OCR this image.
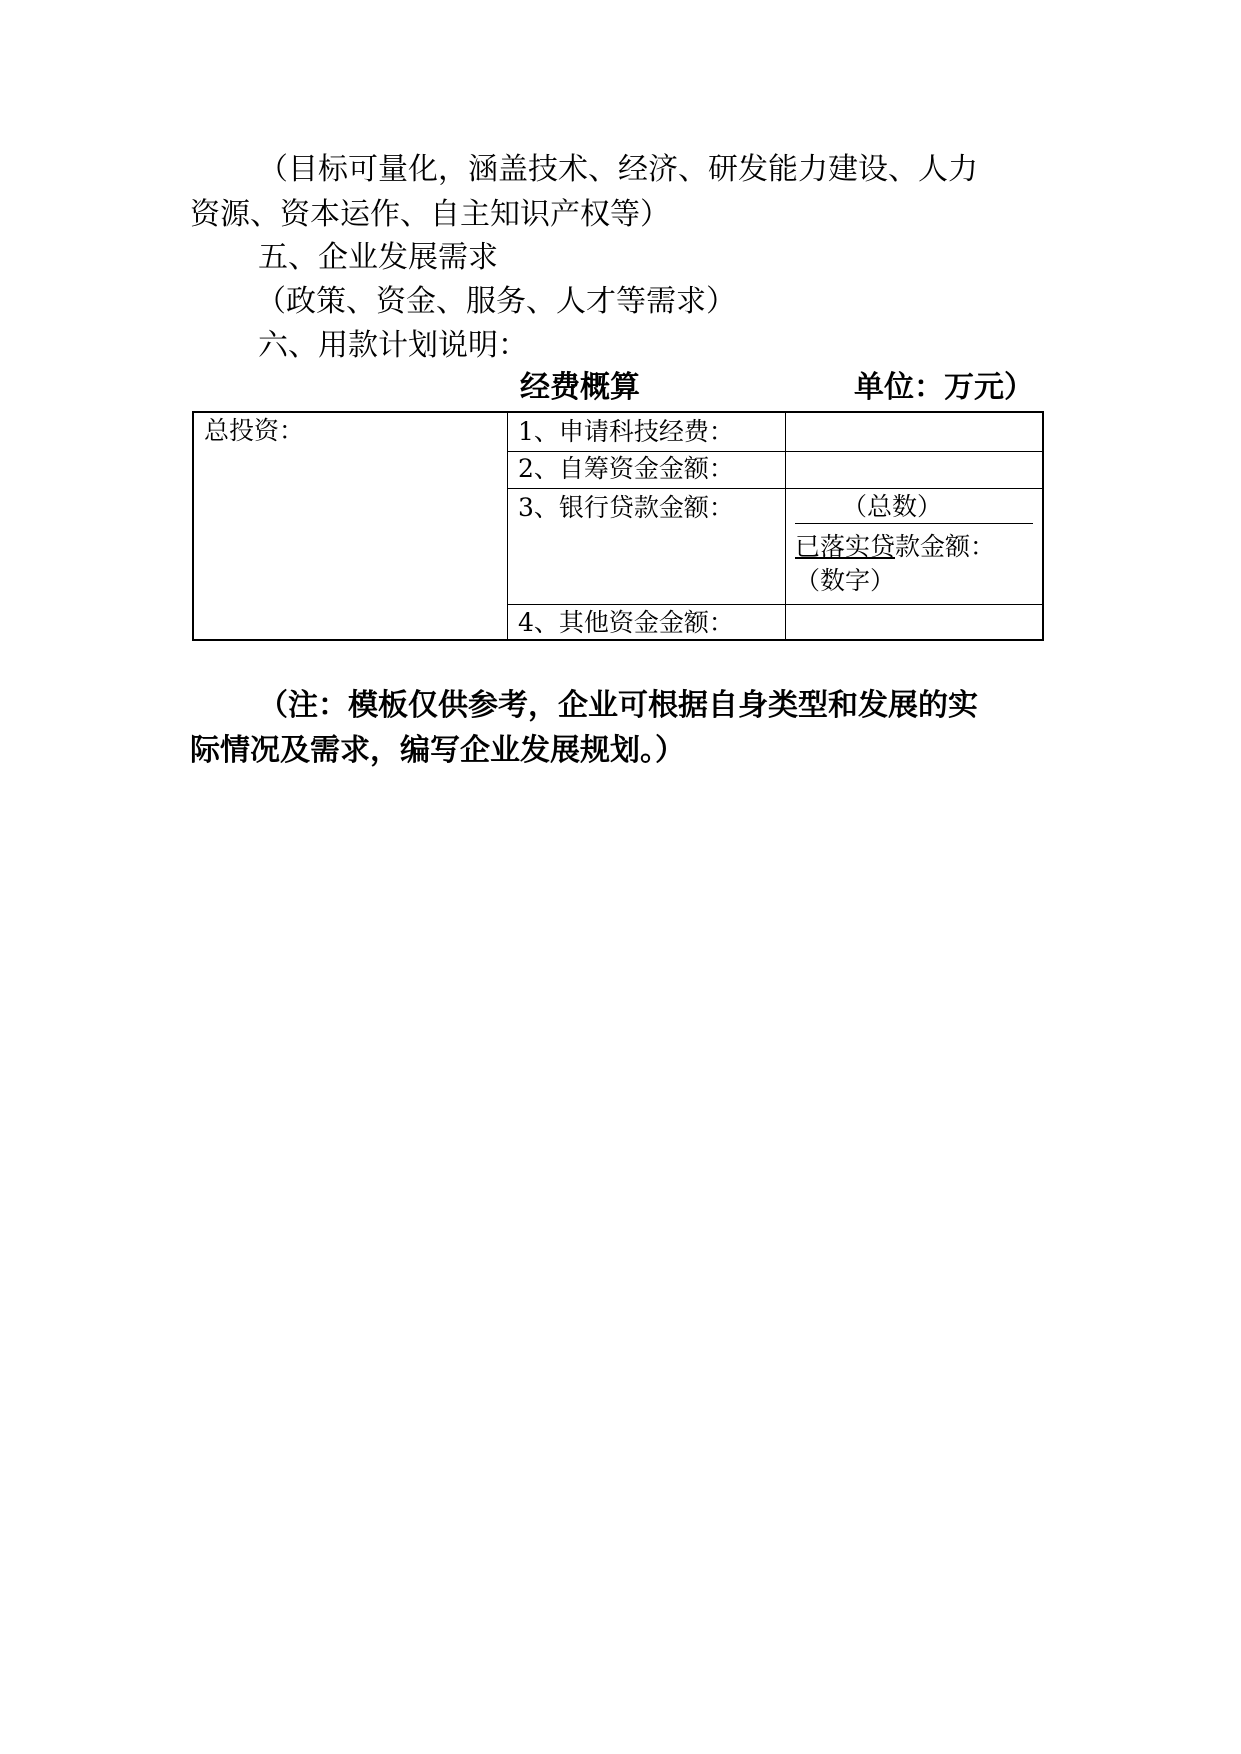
（目标可量化，涵盖技术、经济、研发能力建设、人力
资源、资本运作、自主知识产权等）
五、企业发展需求
（政策、资金、服务、人才等需求）
六、用款计划说明：
经费概算	单位：万元）
总投资：	1、申请科技经费：
2、自筹资金金额：
3、银行贷款金额：
4、其他资金金额：
（总数）
已落实贷款金额：
（数字）
（注：模板仅供参考，企业可根据自身类型和发展的实
际情况及需求，编写企业发展规划。）
